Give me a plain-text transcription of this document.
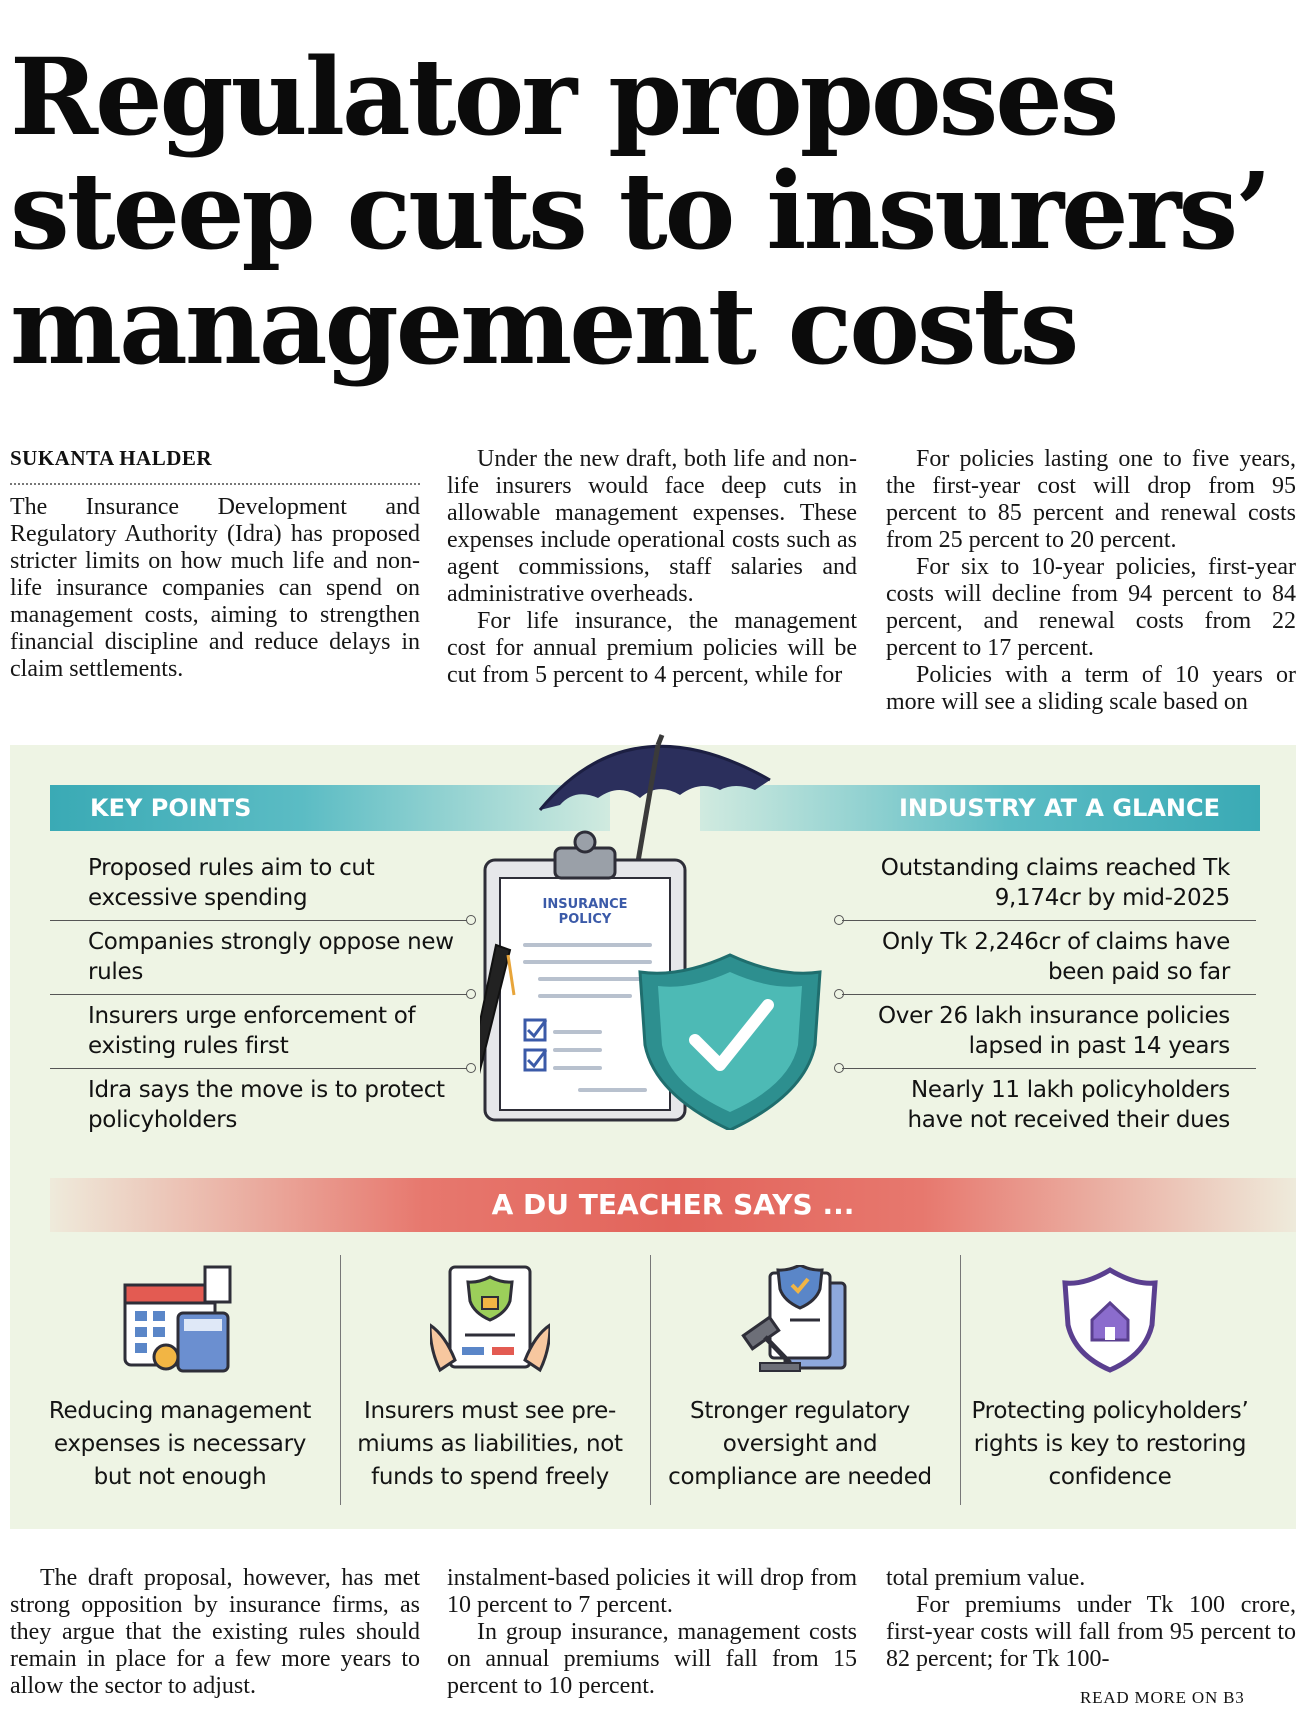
Regulator proposes
steep cuts to insurers’
management costs
SUKANTA HALDER

The Insurance Development and Regulatory Authority (Idra) has proposed stricter limits on how much life and non-life insurance companies can spend on management costs, aiming to strengthen financial discipline and reduce delays in claim settlements.

Under the new draft, both life and non-life insurers would face deep cuts in allowable management expenses. These expenses include operational costs such as agent commissions, staff salaries and administrative overheads.

For life insurance, the management cost for annual premium policies will be cut from 5 percent to 4 percent, while for

For policies lasting one to five years, the first-year cost will drop from 95 percent to 85 percent and renewal costs from 25 percent to 20 percent.

For six to 10-year policies, first-year costs will decline from 94 percent to 84 percent, and renewal costs from 22 percent to 17 percent.

Policies with a term of 10 years or more will see a sliding scale based on

KEY POINTS	INDUSTRY AT A GLANCE
Proposed rules aim to cut excessive spending
Companies strongly oppose new rules
Insurers urge enforcement of existing rules first
Idra says the move is to protect policyholders
Outstanding claims reached Tk 9,174cr by mid-2025
Only Tk 2,246cr of claims have been paid so far
Over 26 lakh insurance policies lapsed in past 14 years
Nearly 11 lakh policyholders have not received their dues
INSURANCE
POLICY
A DU TEACHER SAYS ...
Reducing management expenses is necessary but not enough
Insurers must see pre-miums as liabilities, not funds to spend freely
Stronger regulatory oversight and compliance are needed
Protecting policyholders’ rights is key to restoring confidence

The draft proposal, however, has met strong opposition by insurance firms, as they argue that the existing rules should remain in place for a few more years to allow the sector to adjust.

instalment-based policies it will drop from 10 percent to 7 percent.

In group insurance, management costs on annual premiums will fall from 15 percent to 10 percent.

total premium value.

For premiums under Tk 100 crore, first-year costs will fall from 95 percent to 82 percent; for Tk 100-

READ MORE ON B3
